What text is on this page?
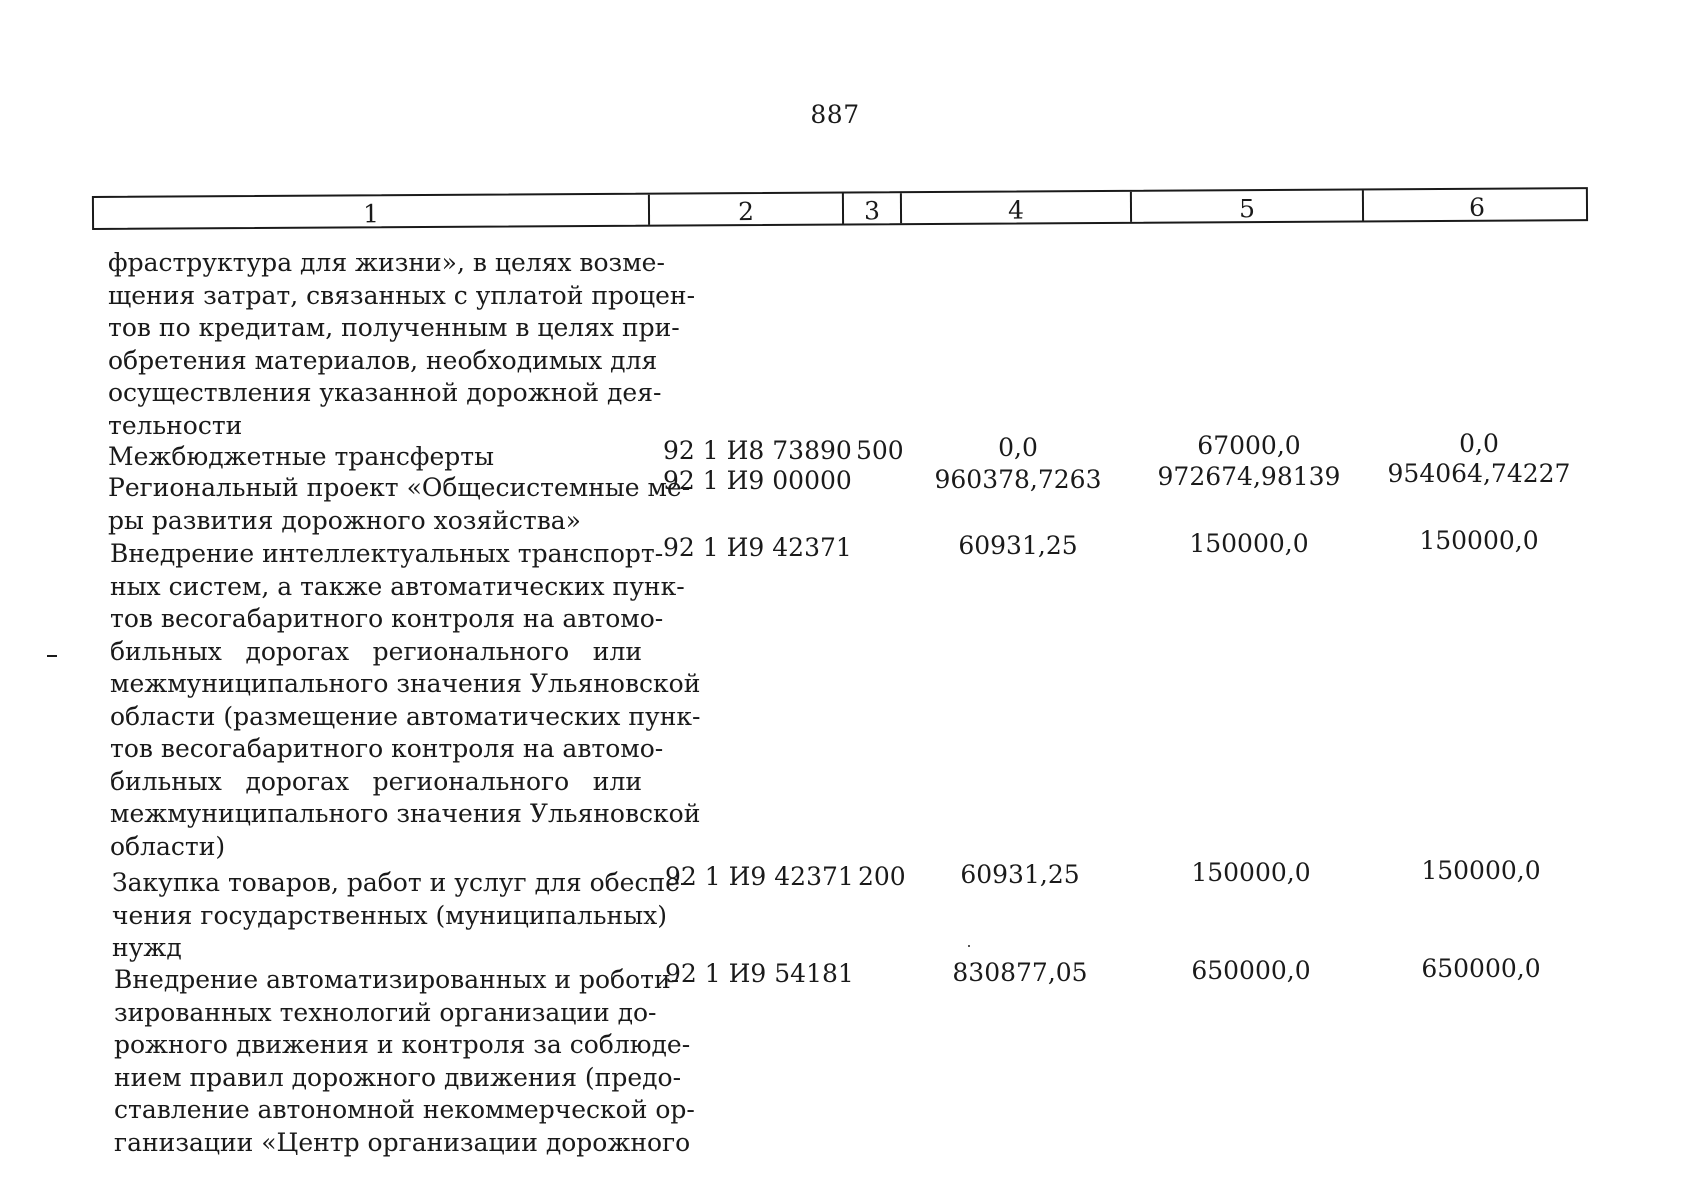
887
1	2	3	4	5	6
фраструктура для жизни», в целях возме-
щения затрат, связанных с уплатой процен-
тов по кредитам, полученным в целях при-
обретения материалов, необходимых для
осуществления указанной дорожной дея-
тельности
Межбюджетные трансферты	92 1 И8 73890 500	0,0	67000,0	0,0
Региональный проект «Общесистемные ме-
ры развития дорожного хозяйства»
92 1 И9 00000	960378,7263	972674,98139	954064,74227
Внедрение интеллектуальных транспорт-
ных систем, а также автоматических пунк-
тов весогабаритного контроля на автомо-
бильных дорогах регионального или
межмуниципального значения Ульяновской
области (размещение автоматических пунк-
тов весогабаритного контроля на автомо-
бильных дорогах регионального или
межмуниципального значения Ульяновской
области)
92 1 И9 42371	60931,25	150000,0	150000,0
Закупка товаров, работ и услуг для обеспе-
чения государственных (муниципальных)
нужд
92 1 И9 42371 200	60931,25	150000,0	150000,0
Внедрение автоматизированных и роботи-
зированных технологий организации до-
рожного движения и контроля за соблюде-
нием правил дорожного движения (предо-
ставление автономной некоммерческой ор-
ганизации «Центр организации дорожного
92 1 И9 54181	830877,05	650000,0	650000,0
